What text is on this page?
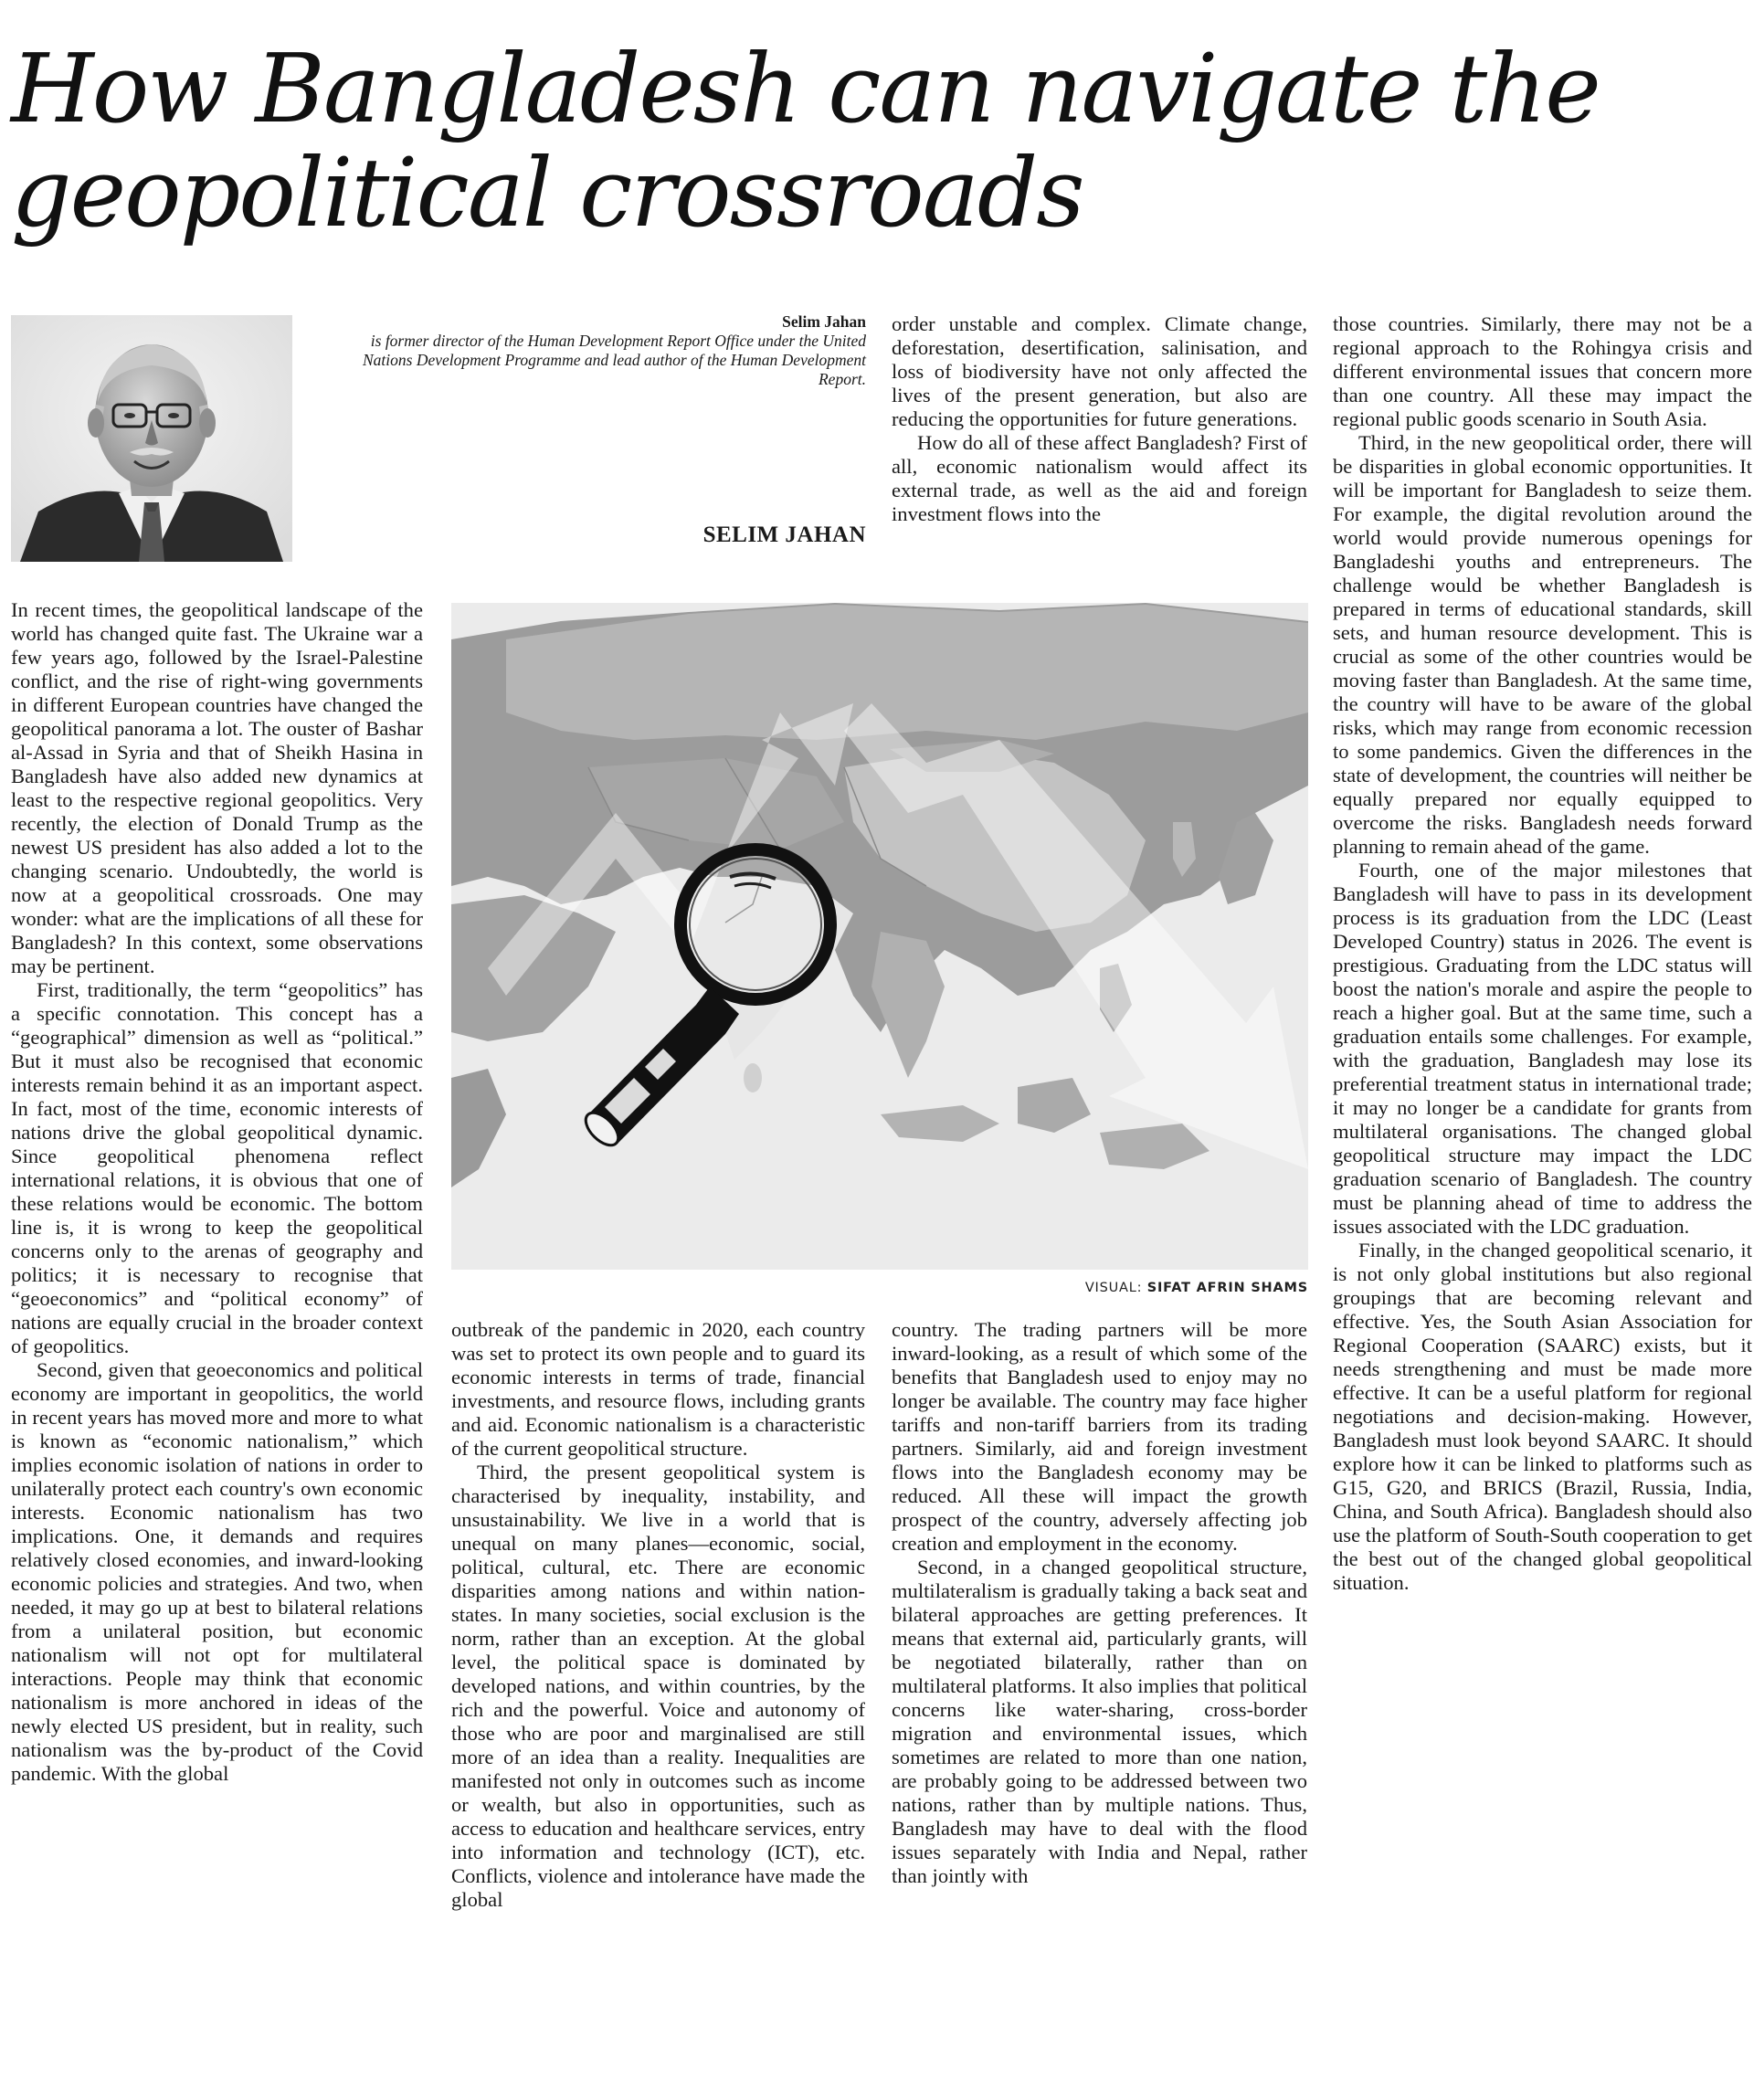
How Bangladesh can navigate the geopolitical crossroads
Selim Jahan
is former director of the Human Development Report Office under the United Nations Development Programme and lead author of the Human Development Report.
SELIM JAHAN

In recent times, the geopolitical landscape of the world has changed quite fast. The Ukraine war a few years ago, followed by the Israel-Palestine conflict, and the rise of right-wing governments in different European countries have changed the geopolitical panorama a lot. The ouster of Bashar al-Assad in Syria and that of Sheikh Hasina in Bangladesh have also added new dynamics at least to the respective regional geopolitics. Very recently, the election of Donald Trump as the newest US president has also added a lot to the changing scenario. Undoubtedly, the world is now at a geopolitical crossroads. One may wonder: what are the implications of all these for Bangladesh? In this context, some observations may be pertinent.

First, traditionally, the term “geopolitics” has a specific connotation. This concept has a “geographical” dimension as well as “political.” But it must also be recognised that economic interests remain behind it as an important aspect. In fact, most of the time, economic interests of nations drive the global geopolitical dynamic. Since geopolitical phenomena reflect international relations, it is obvious that one of these relations would be economic. The bottom line is, it is wrong to keep the geopolitical concerns only to the arenas of geography and politics; it is necessary to recognise that “geoeconomics” and “political economy” of nations are equally crucial in the broader context of geopolitics.

Second, given that geoeconomics and political economy are important in geopolitics, the world in recent years has moved more and more to what is known as “economic nationalism,” which implies economic isolation of nations in order to unilaterally protect each country's own economic interests. Economic nationalism has two implications. One, it demands and requires relatively closed economies, and inward-looking economic policies and strategies. And two, when needed, it may go up at best to bilateral relations from a unilateral position, but economic nationalism will not opt for multilateral interactions. People may think that economic nationalism is more anchored in ideas of the newly elected US president, but in reality, such nationalism was the by-product of the Covid pandemic. With the global

outbreak of the pandemic in 2020, each country was set to protect its own people and to guard its economic interests in terms of trade, financial investments, and resource flows, including grants and aid. Economic nationalism is a characteristic of the current geopolitical structure.

Third, the present geopolitical system is characterised by inequality, instability, and unsustainability. We live in a world that is unequal on many planes—economic, social, political, cultural, etc. There are economic disparities among nations and within nation-states. In many societies, social exclusion is the norm, rather than an exception. At the global level, the political space is dominated by developed nations, and within countries, by the rich and the powerful. Voice and autonomy of those who are poor and marginalised are still more of an idea than a reality. Inequalities are manifested not only in outcomes such as income or wealth, but also in opportunities, such as access to education and healthcare services, entry into information and technology (ICT), etc. Conflicts, violence and intolerance have made the global

order unstable and complex. Climate change, deforestation, desertification, salinisation, and loss of biodiversity have not only affected the lives of the present generation, but also are reducing the opportunities for future generations.

How do all of these affect Bangladesh? First of all, economic nationalism would affect its external trade, as well as the aid and foreign investment flows into the

country. The trading partners will be more inward-looking, as a result of which some of the benefits that Bangladesh used to enjoy may no longer be available. The country may face higher tariffs and non-tariff barriers from its trading partners. Similarly, aid and foreign investment flows into the Bangladesh economy may be reduced. All these will impact the growth prospect of the country, adversely affecting job creation and employment in the economy.

Second, in a changed geopolitical structure, multilateralism is gradually taking a back seat and bilateral approaches are getting preferences. It means that external aid, particularly grants, will be negotiated bilaterally, rather than on multilateral platforms. It also implies that political concerns like water-sharing, cross-border migration and environmental issues, which sometimes are related to more than one nation, are probably going to be addressed between two nations, rather than by multiple nations. Thus, Bangladesh may have to deal with the flood issues separately with India and Nepal, rather than jointly with

those countries. Similarly, there may not be a regional approach to the Rohingya crisis and different environmental issues that concern more than one country. All these may impact the regional public goods scenario in South Asia.

Third, in the new geopolitical order, there will be disparities in global economic opportunities. It will be important for Bangladesh to seize them. For example, the digital revolution around the world would provide numerous openings for Bangladeshi youths and entrepreneurs. The challenge would be whether Bangladesh is prepared in terms of educational standards, skill sets, and human resource development. This is crucial as some of the other countries would be moving faster than Bangladesh. At the same time, the country will have to be aware of the global risks, which may range from economic recession to some pandemics. Given the differences in the state of development, the countries will neither be equally prepared nor equally equipped to overcome the risks. Bangladesh needs forward planning to remain ahead of the game.

Fourth, one of the major milestones that Bangladesh will have to pass in its development process is its graduation from the LDC (Least Developed Country) status in 2026. The event is prestigious. Graduating from the LDC status will boost the nation's morale and aspire the people to reach a higher goal. But at the same time, such a graduation entails some challenges. For example, with the graduation, Bangladesh may lose its preferential treatment status in international trade; it may no longer be a candidate for grants from multilateral organisations. The changed global geopolitical structure may impact the LDC graduation scenario of Bangladesh. The country must be planning ahead of time to address the issues associated with the LDC graduation.

Finally, in the changed geopolitical scenario, it is not only global institutions but also regional groupings that are becoming relevant and effective. Yes, the South Asian Association for Regional Cooperation (SAARC) exists, but it needs strengthening and must be made more effective. It can be a useful platform for regional negotiations and decision-making. However, Bangladesh must look beyond SAARC. It should explore how it can be linked to platforms such as G15, G20, and BRICS (Brazil, Russia, India, China, and South Africa). Bangladesh should also use the platform of South-South cooperation to get the best out of the changed global geopolitical situation.

VISUAL: SIFAT AFRIN SHAMS
